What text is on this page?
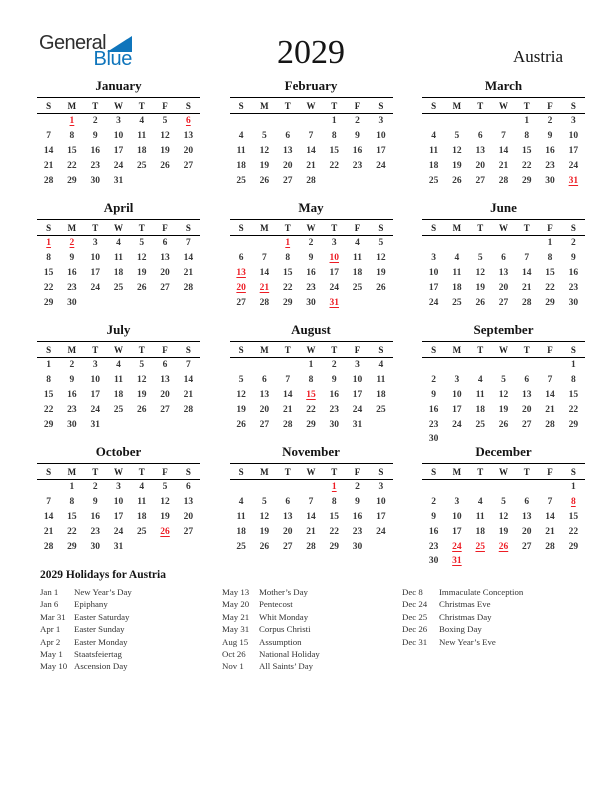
General
Blue	2029	Austria
January
S	M	T	W	T	F	S
	1	2	3	4	5	6
7	8	9	10	11	12	13
14	15	16	17	18	19	20
21	22	23	24	25	26	27
28	29	30	31			
February
S	M	T	W	T	F	S
				1	2	3
4	5	6	7	8	9	10
11	12	13	14	15	16	17
18	19	20	21	22	23	24
25	26	27	28			
March
S	M	T	W	T	F	S
				1	2	3
4	5	6	7	8	9	10
11	12	13	14	15	16	17
18	19	20	21	22	23	24
25	26	27	28	29	30	31
April
S	M	T	W	T	F	S
1	2	3	4	5	6	7
8	9	10	11	12	13	14
15	16	17	18	19	20	21
22	23	24	25	26	27	28
29	30					
May
S	M	T	W	T	F	S
		1	2	3	4	5
6	7	8	9	10	11	12
13	14	15	16	17	18	19
20	21	22	23	24	25	26
27	28	29	30	31		
June
S	M	T	W	T	F	S
					1	2
3	4	5	6	7	8	9
10	11	12	13	14	15	16
17	18	19	20	21	22	23
24	25	26	27	28	29	30
July
S	M	T	W	T	F	S
1	2	3	4	5	6	7
8	9	10	11	12	13	14
15	16	17	18	19	20	21
22	23	24	25	26	27	28
29	30	31				
August
S	M	T	W	T	F	S
			1	2	3	4
5	6	7	8	9	10	11
12	13	14	15	16	17	18
19	20	21	22	23	24	25
26	27	28	29	30	31	
September
S	M	T	W	T	F	S
						1
2	3	4	5	6	7	8
9	10	11	12	13	14	15
16	17	18	19	20	21	22
23	24	25	26	27	28	29
30						
October
S	M	T	W	T	F	S
	1	2	3	4	5	6
7	8	9	10	11	12	13
14	15	16	17	18	19	20
21	22	23	24	25	26	27
28	29	30	31			
November
S	M	T	W	T	F	S
				1	2	3
4	5	6	7	8	9	10
11	12	13	14	15	16	17
18	19	20	21	22	23	24
25	26	27	28	29	30	
December
S	M	T	W	T	F	S
						1
2	3	4	5	6	7	8
9	10	11	12	13	14	15
16	17	18	19	20	21	22
23	24	25	26	27	28	29
30	31					
2029 Holidays for Austria
Jan 1	New Year’s Day
Jan 6	Epiphany
Mar 31 Easter Saturday
Apr 1	Easter Sunday
Apr 2	Easter Monday
May 1	Staatsfeiertag
May 10 Ascension Day
May 13	Mother’s Day
May 20	Pentecost
May 21	Whit Monday
May 31	Corpus Christi
Aug 15	Assumption
Oct 26	National Holiday
Nov 1	All Saints’ Day
Dec 8	Immaculate Conception
Dec 24	Christmas Eve
Dec 25	Christmas Day
Dec 26	Boxing Day
Dec 31	New Year’s Eve
